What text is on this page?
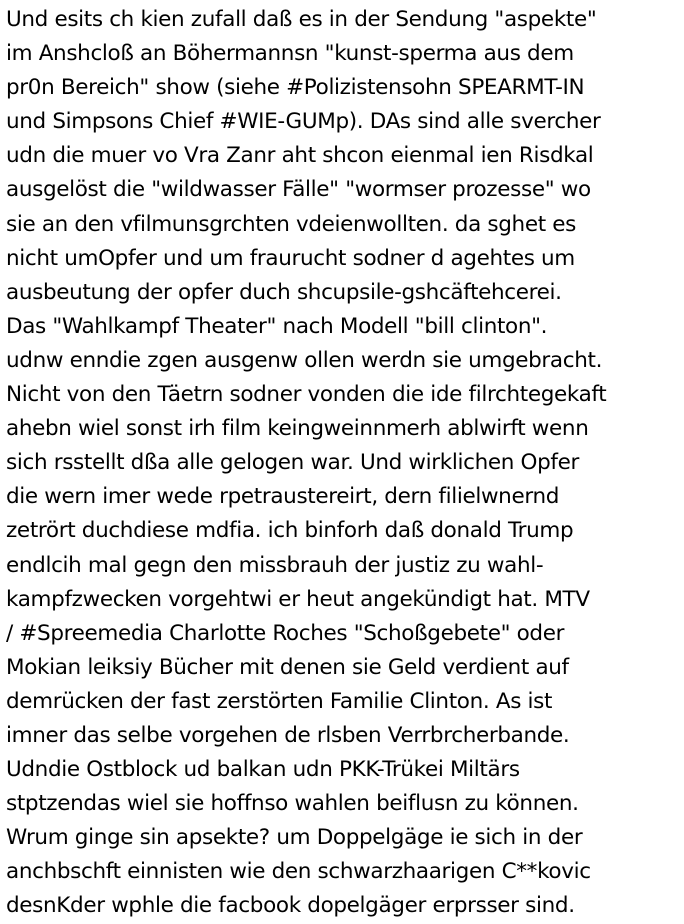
Und esits ch kien zufall daß es in der Sendung "aspekte"
im Anshcloß an Böhermannsn "kunst-sperma aus dem
pr0n Bereich" show (siehe #Polizistensohn SPEARMT-IN
und Simpsons Chief #WIE-GUMp). DAs sind alle svercher
udn die muer vo Vra Zanr aht shcon eienmal ien Risdkal
ausgelöst die "wildwasser Fälle" "wormser prozesse" wo
sie an den vfilmunsgrchten vdeienwollten. da sghet es
nicht umOpfer und um fraurucht sodner d agehtes um
ausbeutung der opfer duch shcupsile-gshcäftehcerei.
Das "Wahlkampf Theater" nach Modell "bill clinton".
udnw enndie zgen ausgenw ollen werdn sie umgebracht.
Nicht von den Täetrn sodner vonden die ide filrchtegekaft
ahebn wiel sonst irh film keingweinnmerh ablwirft wenn
sich rsstellt dßa alle gelogen war. Und wirklichen Opfer
die wern imer wede rpetraustereirt, dern filielwnernd
zetrört duchdiese mdfia. ich binforh daß donald Trump
endlcih mal gegn den missbrauh der justiz zu wahl-
kampfzwecken vorgehtwi er heut angekündigt hat. MTV
/ #Spreemedia Charlotte Roches "Schoßgebete" oder
Mokian leiksiy Bücher mit denen sie Geld verdient auf
demrücken der fast zerstörten Familie Clinton. As ist
imner das selbe vorgehen de rlsben Verrbrcherbande.
Udndie Ostblock ud balkan udn PKK-Trükei Miltärs
stptzendas wiel sie hoffnso wahlen beiflusn zu können.
Wrum ginge sin apsekte? um Doppelgäge ie sich in der
anchbschft einnisten wie den schwarzhaarigen C**kovic
desnKder wphle die facbook dopelgäger erprsser sind.
